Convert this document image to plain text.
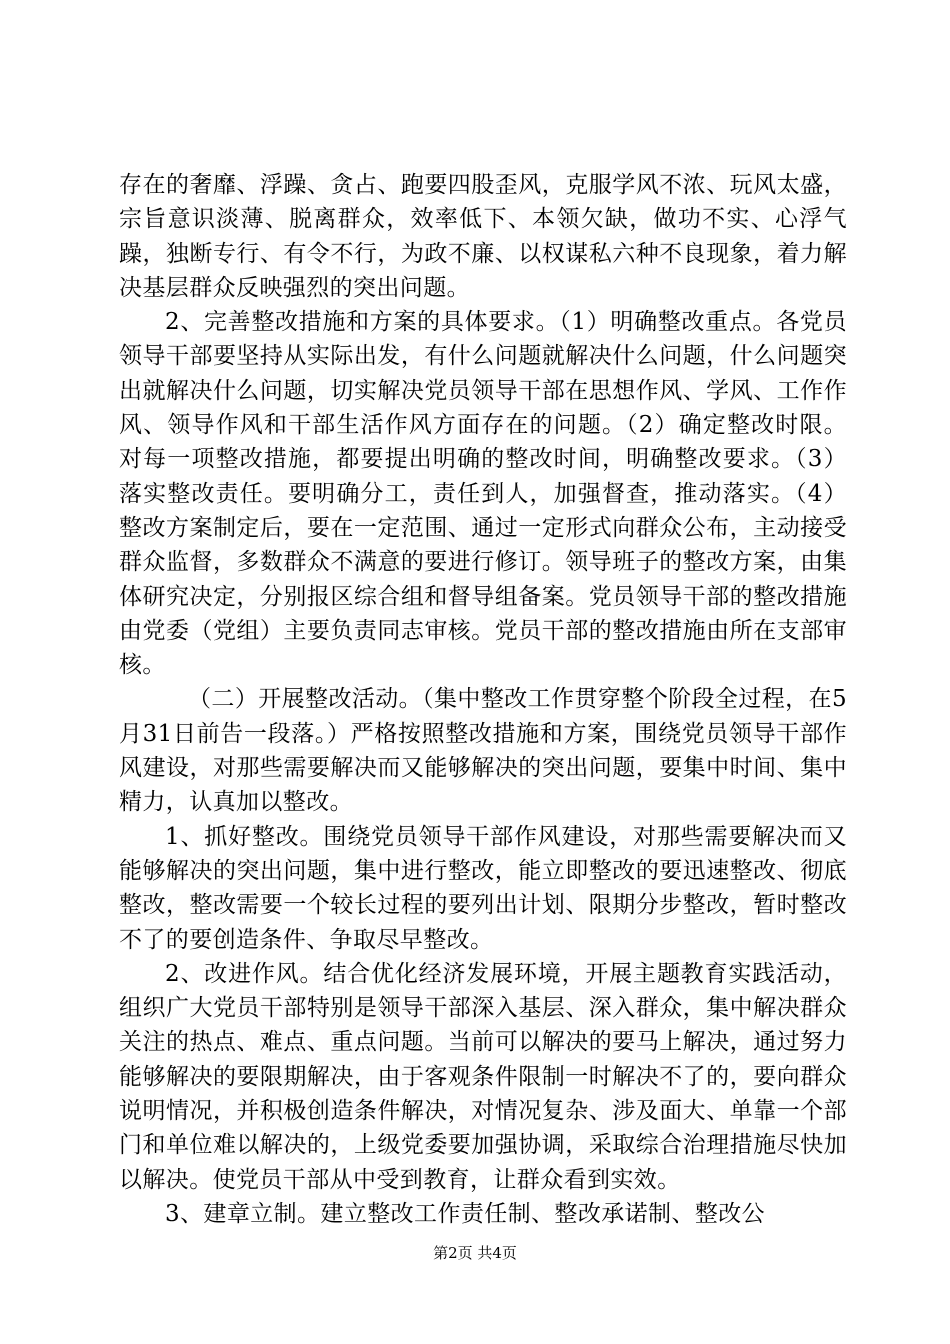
存在的奢靡、浮躁、贪占、跑要四股歪风，克服学风不浓、玩风太盛，宗旨意识淡薄、脱离群众，效率低下、本领欠缺，做功不实、心浮气躁，独断专行、有令不行，为政不廉、以权谋私六种不良现象，着力解决基层群众反映强烈的突出问题。

2、完善整改措施和方案的具体要求。（1）明确整改重点。各党员领导干部要坚持从实际出发，有什么问题就解决什么问题，什么问题突出就解决什么问题，切实解决党员领导干部在思想作风、学风、工作作风、领导作风和干部生活作风方面存在的问题。（2）确定整改时限。对每一项整改措施，都要提出明确的整改时间，明确整改要求。（3）落实整改责任。要明确分工，责任到人，加强督查，推动落实。（4）整改方案制定后，要在一定范围、通过一定形式向群众公布，主动接受群众监督，多数群众不满意的要进行修订。领导班子的整改方案，由集体研究决定，分别报区综合组和督导组备案。党员领导干部的整改措施由党委（党组）主要负责同志审核。党员干部的整改措施由所在支部审核。

（二）开展整改活动。（集中整改工作贯穿整个阶段全过程，在5月31日前告一段落。）严格按照整改措施和方案，围绕党员领导干部作风建设，对那些需要解决而又能够解决的突出问题，要集中时间、集中精力，认真加以整改。

1、抓好整改。围绕党员领导干部作风建设，对那些需要解决而又能够解决的突出问题，集中进行整改，能立即整改的要迅速整改、彻底整改，整改需要一个较长过程的要列出计划、限期分步整改，暂时整改不了的要创造条件、争取尽早整改。

2、改进作风。结合优化经济发展环境，开展主题教育实践活动，组织广大党员干部特别是领导干部深入基层、深入群众，集中解决群众关注的热点、难点、重点问题。当前可以解决的要马上解决，通过努力能够解决的要限期解决，由于客观条件限制一时解决不了的，要向群众说明情况，并积极创造条件解决，对情况复杂、涉及面大、单靠一个部门和单位难以解决的，上级党委要加强协调，采取综合治理措施尽快加以解决。使党员干部从中受到教育，让群众看到实效。

3、建章立制。建立整改工作责任制、整改承诺制、整改公

第2页 共4页
